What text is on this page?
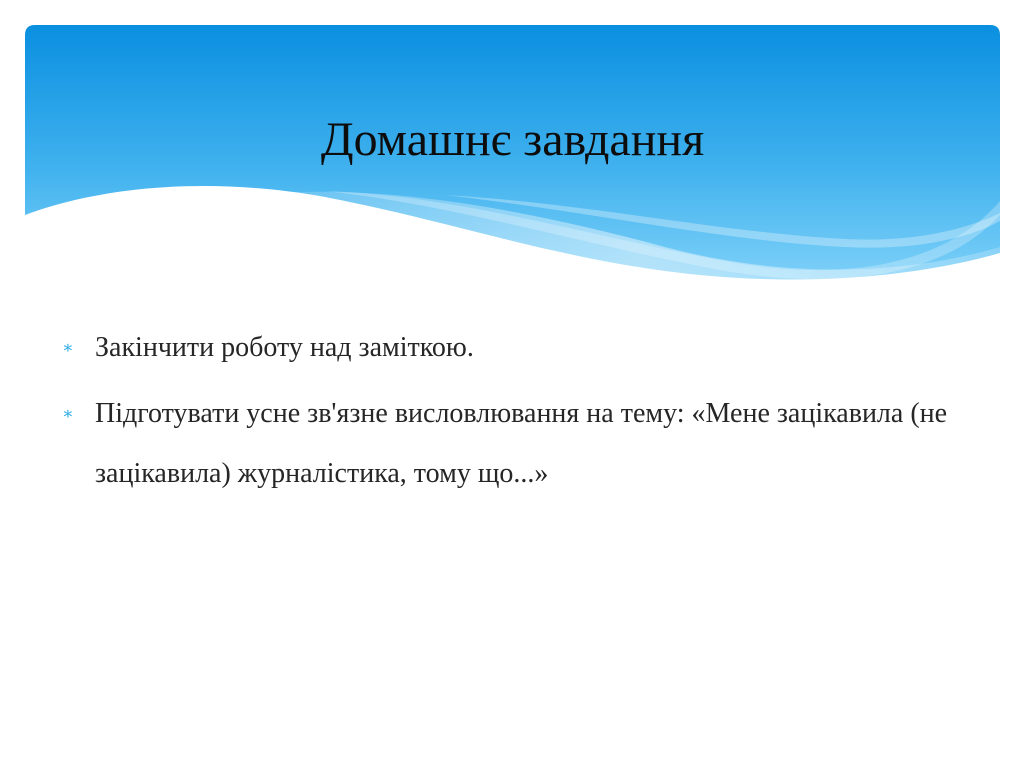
Домашнє завдання
∗ Закінчити роботу над заміткою.
∗ Підготувати усне зв'язне висловлювання на тему: «Мене зацікавила (не зацікавила) журналістика, тому що...»
